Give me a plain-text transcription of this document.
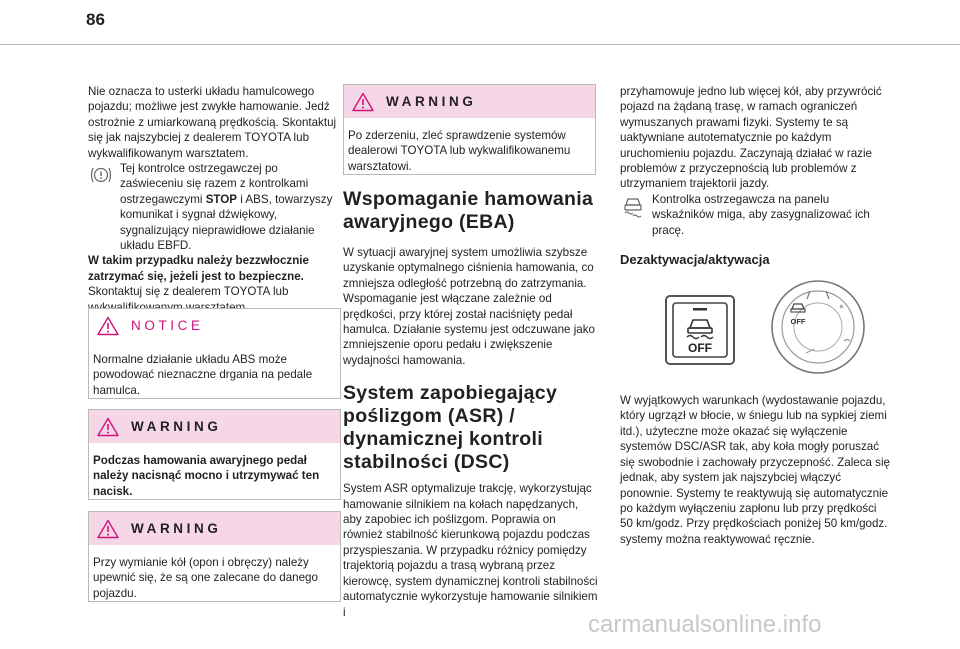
86

Nie oznacza to usterki układu hamulcowego pojazdu; możliwe jest zwykłe hamowanie. Jedź ostrożnie z umiarkowaną prędkością. Skontaktuj się jak najszybciej z dealerem TOYOTA lub wykwalifikowanym warsztatem.

Tej kontrolce ostrzegawczej po zaświeceniu się razem z kontrolkami ostrzegawczymi STOP i ABS, towarzyszy komunikat i sygnał dźwiękowy, sygnalizujący nieprawidłowe działanie układu EBFD.

W takim przypadku należy bezzwłocznie zatrzymać się, jeżeli jest to bezpieczne.

Skontaktuj się z dealerem TOYOTA lub

NOTICE

Normalne działanie układu ABS może powodować nieznaczne drgania na pedale hamulca.

WARNING

Podczas hamowania awaryjnego pedał należy nacisnąć mocno i utrzymywać ten nacisk.

WARNING

Przy wymianie kół (opon i obręczy) należy upewnić się, że są one zalecane do danego pojazdu.

WARNING

Po zderzeniu, zleć sprawdzenie systemów dealerowi TOYOTA lub wykwalifikowanemu warsztatowi.

Wspomaganie hamowania awaryjnego (EBA)

W sytuacji awaryjnej system umożliwia szybsze uzyskanie optymalnego ciśnienia hamowania, co zmniejsza odległość potrzebną do zatrzymania. Wspomaganie jest włączane zależnie od prędkości, przy której został naciśnięty pedał hamulca. Działanie systemu jest odczuwane jako zmniejszenie oporu pedału i zwiększenie wydajności hamowania.

System zapobiegający poślizgom (ASR) / dynamicznej kontroli stabilności (DSC)

System ASR optymalizuje trakcję, wykorzystując hamowanie silnikiem na kołach napędzanych, aby zapobiec ich poślizgom. Poprawia on również stabilność kierunkową pojazdu podczas przyspieszania. W przypadku różnicy pomiędzy trajektorią pojazdu a trasą wybraną przez kierowcę, system dynamicznej kontroli stabilności automatycznie wykorzystuje hamowanie silnikiem i

przyhamowuje jedno lub więcej kół, aby przywrócić pojazd na żądaną trasę, w ramach ograniczeń wymuszanych prawami fizyki. Systemy te są uaktywniane autotematycznie po każdym uruchomieniu pojazdu. Zaczynają działać w razie problemów z przyczepnością lub problemów z utrzymaniem trajektorii jazdy.

Kontrolka ostrzegawcza na panelu wskaźników miga, aby zasygnalizować ich pracę.

Dezaktywacja/aktywacja
OFF
OFF

W wyjątkowych warunkach (wydostawanie pojazdu, który ugrzązł w błocie, w śniegu lub na sypkiej ziemi itd.), użyteczne może okazać się wyłączenie systemów DSC/ASR tak, aby koła mogły poruszać się swobodnie i zachowały przyczepność. Zaleca się jednak, aby system jak najszybciej włączyć ponownie. Systemy te reaktywują się automatycznie po każdym wyłączeniu zapłonu lub przy prędkości 50 km/godz. Przy prędkościach poniżej 50 km/godz. systemy można reaktywować ręcznie.

carmanualsonline.info
